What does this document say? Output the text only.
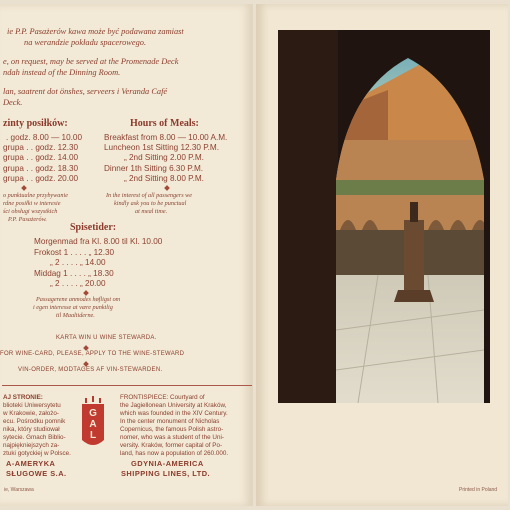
ie P.P. Pasażerów kawa może być podawana zamiast
na werandzie pokładu spacerowego.
e, on request, may be served at the Promenade Deck
ndah instead of the Dinning Room.
lan, saatrent dot önshes, serveers i Veranda Café
Deck.
zinty posiłków:	Hours of Meals:
. godz. 8.00 — 10.00
grupa . . godz. 12.30
grupa . . godz. 14.00
grupa . . godz. 18.30
grupa . . godz. 20.00
Breakfast from 8.00 — 10.00 A.M.
Luncheon 1st Sitting 12.30 P.M.
„ 2nd Sitting 2.00 P.M.
Dinner 1th Sitting 6.30 P.M.
„ 2nd Sitting 8.00 P.M.
o punktualne przybywanie
rdne posiłki w interesie
ści obsługi wszystkich
P.P. Pasażerów.
In the interest of all passengers we
kindly ask you to be punctual
at meal time.
Spisetider:
Morgenmad fra Kl. 8.00 til Kl. 10.00
Frokost 1 . . . . „ 12.30
„ 2 . . . . „ 14.00
Middag 1 . . . . „ 18.30
„ 2 . . . . „ 20.00
Passagerene anmodes høfligst om
i egen interesse at være punktlig
til Maaltiderne.
KARTA WIN U WINE STEWARDA.
FOR WINE-CARD, PLEASE, APPLY TO THE WINE-STEWARD
VIN-ORDER, MODTAGES AF VIN-STEWARDEN.
AJ STRONIE:
blioteki Uniwersytetu
w Krakowie, założo-
ecu. Pośrodku pomnik
nika, który studiował
sytecie. Gmach Biblio-
najpiękniejszych za-
ztuki gotyckiej w Polsce.
G
A
L
FRONTISPIECE: Courtyard of
the Jagiellonean University at Kraków,
which was founded in the XIV Century.
In the center monument of Nicholas
Copernicus, the famous Polish astro-
nomer, who was a student of the Uni-
versity. Kraków, former capital of Po-
land, has now a population of 260.000.
A-AMERYKA
SŁUGOWE S.A.
GDYNIA-AMERICA
SHIPPING LINES, LTD.
ie, Warszawa	Printed in Poland
